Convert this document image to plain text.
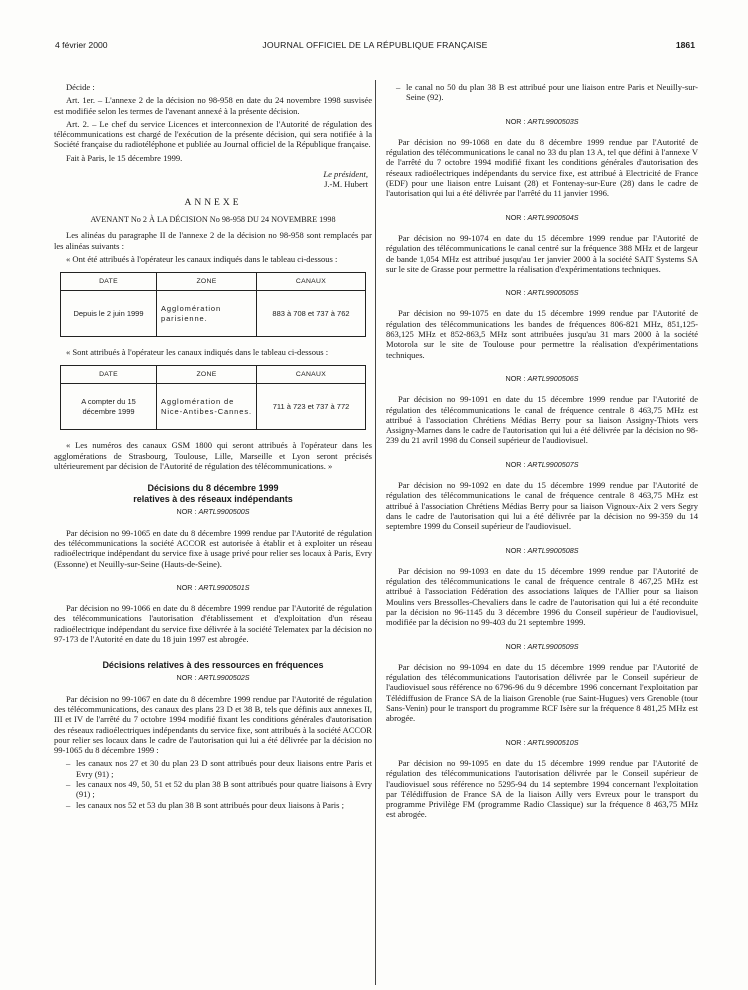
4 février 2000	JOURNAL OFFICIEL DE LA RÉPUBLIQUE FRANÇAISE	1861

Décide :

Art. 1er. – L'annexe 2 de la décision no 98-958 en date du 24 novembre 1998 susvisée est modifiée selon les termes de l'avenant annexé à la présente décision.

Art. 2. – Le chef du service Licences et interconnexion de l'Autorité de régulation des télécommunications est chargé de l'exécution de la présente décision, qui sera notifiée à la Société française du radiotéléphone et publiée au Journal officiel de la République française.

Fait à Paris, le 15 décembre 1999.

Le président,
J.-M. Hubert
ANNEXE
AVENANT No 2 À LA DÉCISION No 98-958 DU 24 NOVEMBRE 1998

Les alinéas du paragraphe II de l'annexe 2 de la décision no 98-958 sont remplacés par les alinéas suivants :

« Ont été attribués à l'opérateur les canaux indiqués dans le tableau ci-dessous :

DATE	ZONE	CANAUX
Depuis le 2 juin 1999	Agglomération parisienne.	883 à 708 et 737 à 762

« Sont attribués à l'opérateur les canaux indiqués dans le tableau ci-dessous :

DATE	ZONE	CANAUX
A compter du 15 décembre 1999	Agglomération de Nice-Antibes-Cannes.	711 à 723 et 737 à 772

« Les numéros des canaux GSM 1800 qui seront attribués à l'opérateur dans les agglomérations de Strasbourg, Toulouse, Lille, Marseille et Lyon seront précisés ultérieurement par décision de l'Autorité de régulation des télécommunications. »

Décisions du 8 décembre 1999
relatives à des réseaux indépendants
NOR : ARTL9900500S

Par décision no 99-1065 en date du 8 décembre 1999 rendue par l'Autorité de régulation des télécommunications la société ACCOR est autorisée à établir et à exploiter un réseau radioélectrique indépendant du service fixe à usage privé pour relier ses locaux à Paris, Evry (Essonne) et Neuilly-sur-Seine (Hauts-de-Seine).

NOR : ARTL9900501S

Par décision no 99-1066 en date du 8 décembre 1999 rendue par l'Autorité de régulation des télécommunications l'autorisation d'établissement et d'exploitation d'un réseau radioélectrique indépendant du service fixe délivrée à la société Telematex par la décision no 97-173 de l'Autorité en date du 18 juin 1997 est abrogée.

Décisions relatives à des ressources en fréquences
NOR : ARTL9900502S

Par décision no 99-1067 en date du 8 décembre 1999 rendue par l'Autorité de régulation des télécommunications, des canaux des plans 23 D et 38 B, tels que définis aux annexes II, III et IV de l'arrêté du 7 octobre 1994 modifié fixant les conditions générales d'autorisation des réseaux radioélectriques indépendants du service fixe, sont attribués à la société ACCOR pour relier ses locaux dans le cadre de l'autorisation qui lui a été délivrée par la décision no 99-1065 du 8 décembre 1999 :

– les canaux nos 27 et 30 du plan 23 D sont attribués pour deux liaisons entre Paris et Evry (91) ;
– les canaux nos 49, 50, 51 et 52 du plan 38 B sont attribués pour quatre liaisons à Evry (91) ;
– les canaux nos 52 et 53 du plan 38 B sont attribués pour deux liaisons à Paris ;
– le canal no 50 du plan 38 B est attribué pour une liaison entre Paris et Neuilly-sur-Seine (92).
NOR : ARTL9900503S

Par décision no 99-1068 en date du 8 décembre 1999 rendue par l'Autorité de régulation des télécommunications le canal no 33 du plan 13 A, tel que défini à l'annexe V de l'arrêté du 7 octobre 1994 modifié fixant les conditions générales d'autorisation des réseaux radioélectriques indépendants du service fixe, est attribué à Electricité de France (EDF) pour une liaison entre Luisant (28) et Fontenay-sur-Eure (28) dans le cadre de l'autorisation qui lui a été délivrée par l'arrêté du 11 janvier 1996.

NOR : ARTL9900504S

Par décision no 99-1074 en date du 15 décembre 1999 rendue par l'Autorité de régulation des télécommunications le canal centré sur la fréquence 388 MHz et de largeur de bande 1,054 MHz est attribué jusqu'au 1er janvier 2000 à la société SAIT Systems SA sur le site de Grasse pour permettre la réalisation d'expérimentations techniques.

NOR : ARTL9900505S

Par décision no 99-1075 en date du 15 décembre 1999 rendue par l'Autorité de régulation des télécommunications les bandes de fréquences 806-821 MHz, 851,125-863,125 MHz et 852-863,5 MHz sont attribuées jusqu'au 31 mars 2000 à la société Motorola sur le site de Toulouse pour permettre la réalisation d'expérimentations techniques.

NOR : ARTL9900506S

Par décision no 99-1091 en date du 15 décembre 1999 rendue par l'Autorité de régulation des télécommunications le canal de fréquence centrale 8 463,75 MHz est attribué à l'association Chrétiens Médias Berry pour sa liaison Assigny-Thiots vers Assigny-Marnes dans le cadre de l'autorisation qui lui a été délivrée par la décision no 98-239 du 21 avril 1998 du Conseil supérieur de l'audiovisuel.

NOR : ARTL9900507S

Par décision no 99-1092 en date du 15 décembre 1999 rendue par l'Autorité de régulation des télécommunications le canal de fréquence centrale 8 463,75 MHz est attribué à l'association Chrétiens Médias Berry pour sa liaison Vignoux-Aix 2 vers Segry dans le cadre de l'autorisation qui lui a été délivrée par la décision no 99-359 du 14 septembre 1999 du Conseil supérieur de l'audiovisuel.

NOR : ARTL9900508S

Par décision no 99-1093 en date du 15 décembre 1999 rendue par l'Autorité de régulation des télécommunications le canal de fréquence centrale 8 467,25 MHz est attribué à l'association Fédération des associations laïques de l'Allier pour sa liaison Moulins vers Bressolles-Chevaliers dans le cadre de l'autorisation qui lui a été reconduite par la décision no 96-1145 du 3 décembre 1996 du Conseil supérieur de l'audiovisuel, modifiée par la décision no 99-403 du 21 septembre 1999.

NOR : ARTL9900509S

Par décision no 99-1094 en date du 15 décembre 1999 rendue par l'Autorité de régulation des télécommunications l'autorisation délivrée par le Conseil supérieur de l'audiovisuel sous référence no 6796-96 du 9 décembre 1996 concernant l'exploitation par Télédiffusion de France SA de la liaison Grenoble (rue Saint-Hugues) vers Grenoble (tour Sans-Venin) pour le transport du programme RCF Isère sur la fréquence 8 481,25 MHz est abrogée.

NOR : ARTL9900510S

Par décision no 99-1095 en date du 15 décembre 1999 rendue par l'Autorité de régulation des télécommunications l'autorisation délivrée par le Conseil supérieur de l'audiovisuel sous référence no 5295-94 du 14 septembre 1994 concernant l'exploitation par Télédiffusion de France SA de la liaison Ailly vers Evreux pour le transport du programme Privilège FM (programme Radio Classique) sur la fréquence 8 463,75 MHz est abrogée.
